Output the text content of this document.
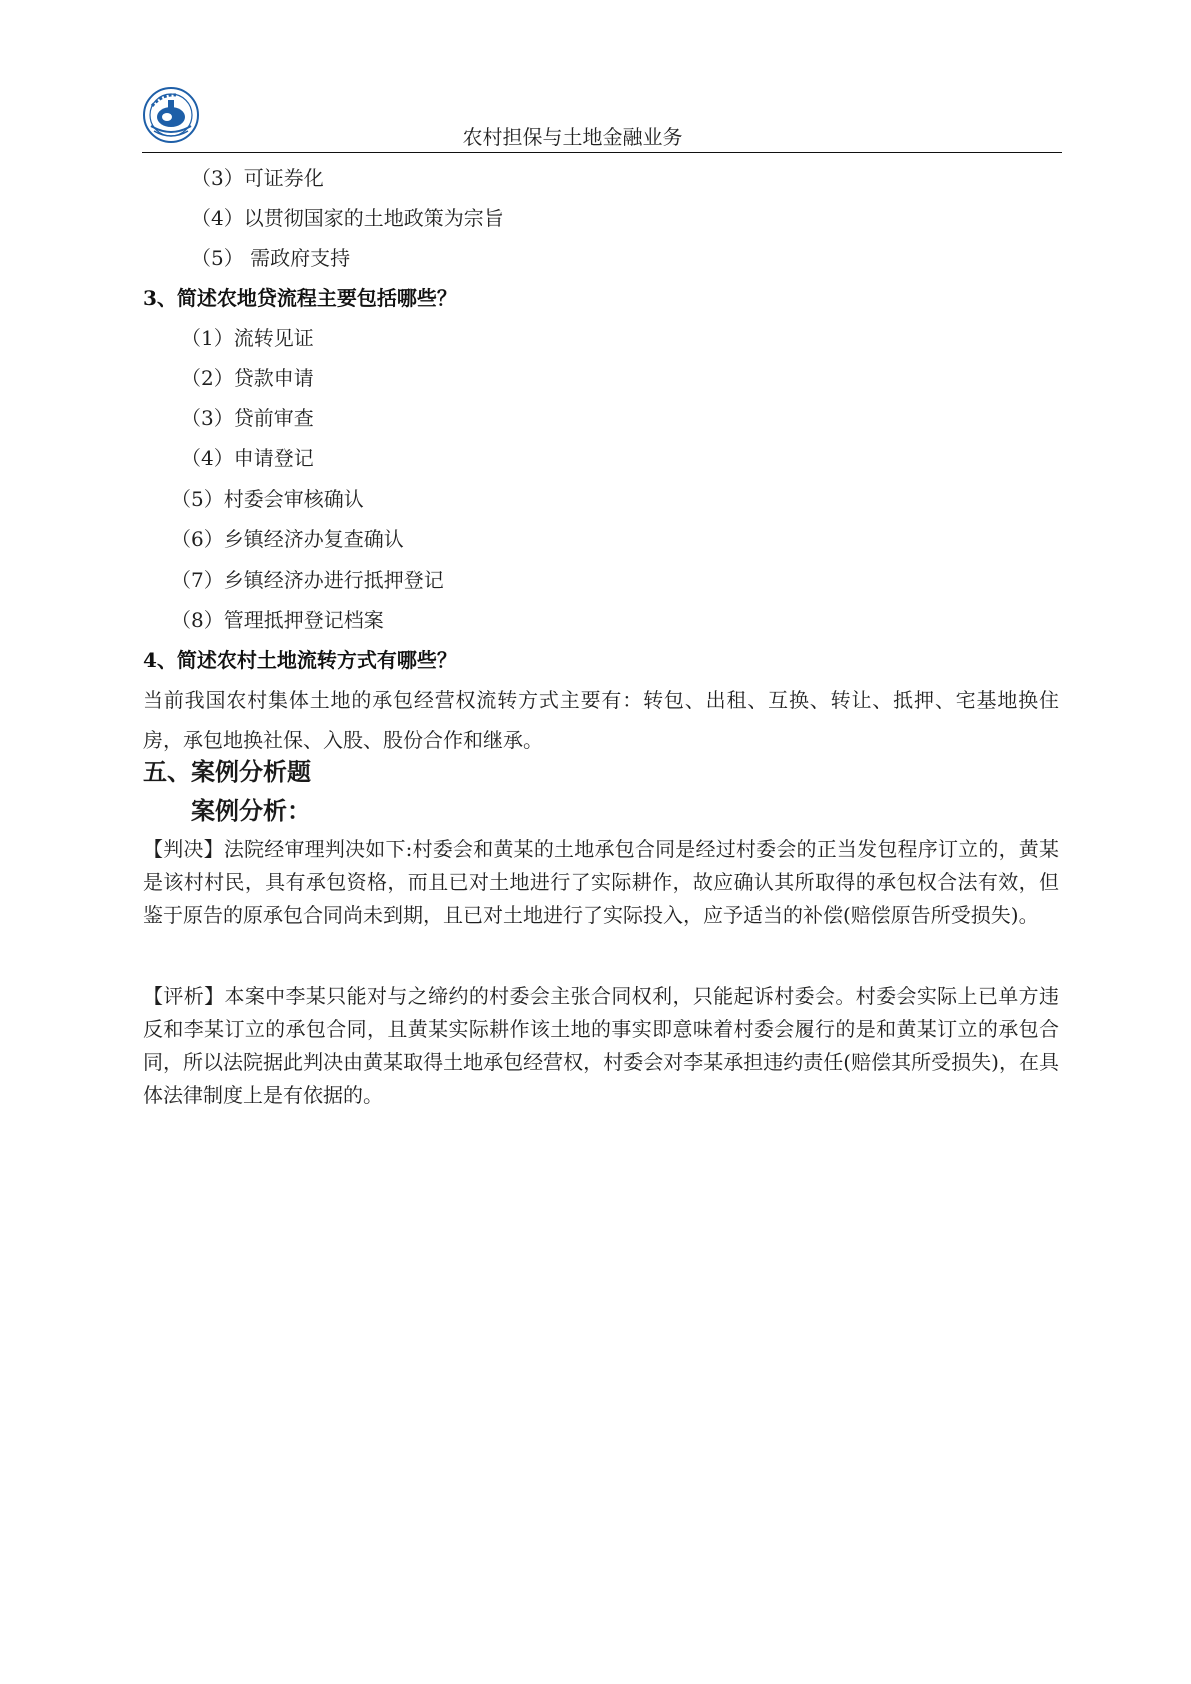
农村担保与土地金融业务
（3）可证券化
（4）以贯彻国家的土地政策为宗旨
（5） 需政府支持
3、简述农地贷流程主要包括哪些？
（1）流转见证
（2）贷款申请
（3）贷前审查
（4）申请登记
（5）村委会审核确认
（6）乡镇经济办复查确认
（7）乡镇经济办进行抵押登记
（8）管理抵押登记档案
4、简述农村土地流转方式有哪些？
当前我国农村集体土地的承包经营权流转方式主要有：转包、出租、互换、转让、抵押、宅基地换住房，承包地换社保、入股、股份合作和继承。
五、案例分析题
案例分析：
【判决】法院经审理判决如下:村委会和黄某的土地承包合同是经过村委会的正当发包程序订立的，黄某是该村村民，具有承包资格，而且已对土地进行了实际耕作，故应确认其所取得的承包权合法有效，但鉴于原告的原承包合同尚未到期，且已对土地进行了实际投入，应予适当的补偿(赔偿原告所受损失)。
【评析】本案中李某只能对与之缔约的村委会主张合同权利，只能起诉村委会。村委会实际上已单方违反和李某订立的承包合同，且黄某实际耕作该土地的事实即意味着村委会履行的是和黄某订立的承包合同，所以法院据此判决由黄某取得土地承包经营权，村委会对李某承担违约责任(赔偿其所受损失)，在具体法律制度上是有依据的。
